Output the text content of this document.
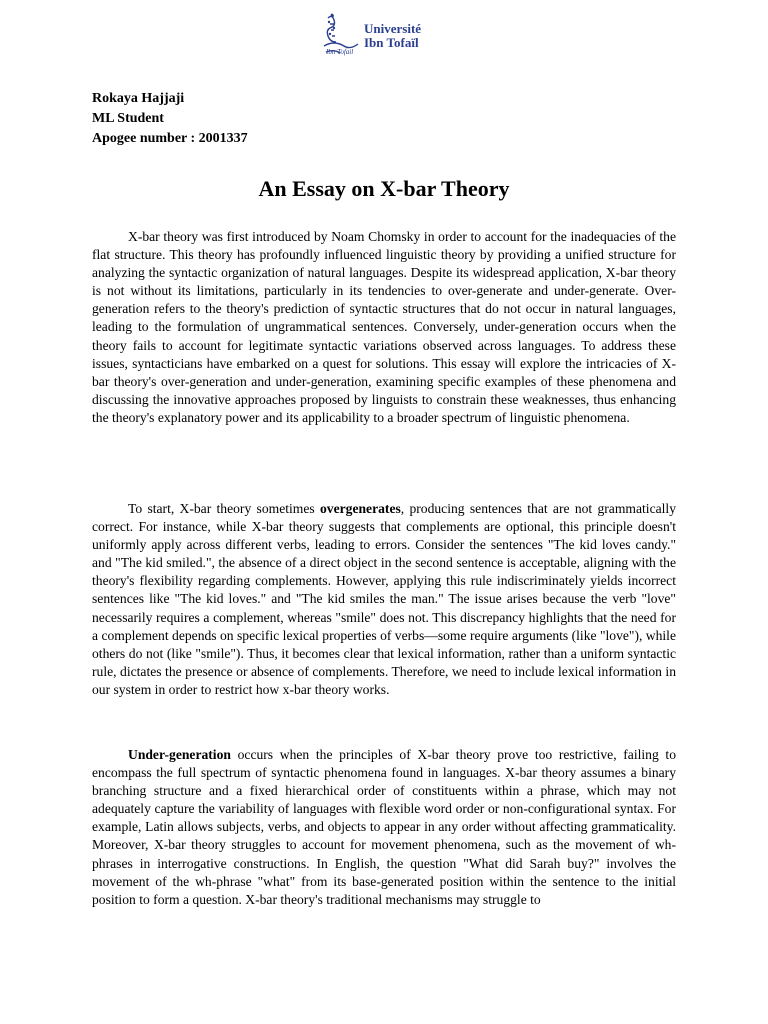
Université
Ibn Tofaïl
Ibn Tofail
Rokaya Hajjaji
ML Student
Apogee number : 2001337
An Essay on X-bar Theory

X-bar theory was first introduced by Noam Chomsky in order to account for the inadequacies of the flat structure. This theory has profoundly influenced linguistic theory by providing a unified structure for analyzing the syntactic organization of natural languages. Despite its widespread application, X-bar theory is not without its limitations, particularly in its tendencies to over-generate and under-generate. Over-generation refers to the theory's prediction of syntactic structures that do not occur in natural languages, leading to the formulation of ungrammatical sentences. Conversely, under-generation occurs when the theory fails to account for legitimate syntactic variations observed across languages. To address these issues, syntacticians have embarked on a quest for solutions. This essay will explore the intricacies of X-bar theory's over-generation and under-generation, examining specific examples of these phenomena and discussing the innovative approaches proposed by linguists to constrain these weaknesses, thus enhancing the theory's explanatory power and its applicability to a broader spectrum of linguistic phenomena.

To start, X-bar theory sometimes overgenerates, producing sentences that are not grammatically correct. For instance, while X-bar theory suggests that complements are optional, this principle doesn't uniformly apply across different verbs, leading to errors. Consider the sentences "The kid loves candy." and "The kid smiled.", the absence of a direct object in the second sentence is acceptable, aligning with the theory's flexibility regarding complements. However, applying this rule indiscriminately yields incorrect sentences like "The kid loves." and "The kid smiles the man." The issue arises because the verb "love" necessarily requires a complement, whereas "smile" does not. This discrepancy highlights that the need for a complement depends on specific lexical properties of verbs—some require arguments (like "love"), while others do not (like "smile"). Thus, it becomes clear that lexical information, rather than a uniform syntactic rule, dictates the presence or absence of complements. Therefore, we need to include lexical information in our system in order to restrict how x-bar theory works.

Under-generation occurs when the principles of X-bar theory prove too restrictive, failing to encompass the full spectrum of syntactic phenomena found in languages. X-bar theory assumes a binary branching structure and a fixed hierarchical order of constituents within a phrase, which may not adequately capture the variability of languages with flexible word order or non-configurational syntax. For example, Latin allows subjects, verbs, and objects to appear in any order without affecting grammaticality. Moreover, X-bar theory struggles to account for movement phenomena, such as the movement of wh- phrases in interrogative constructions. In English, the question "What did Sarah buy?" involves the movement of the wh-phrase "what" from its base-generated position within the sentence to the initial position to form a question. X-bar theory's traditional mechanisms may struggle to
